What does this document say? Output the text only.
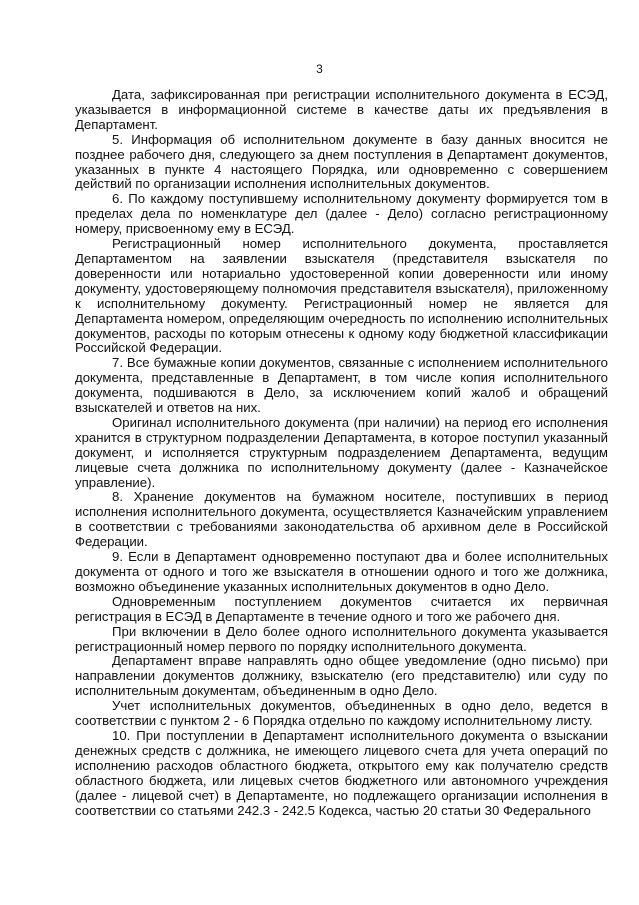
3

Дата, зафиксированная при регистрации исполнительного документа в ЕСЭД, указывается в информационной системе в качестве даты их предъявления в Департамент.

5. Информация об исполнительном документе в базу данных вносится не позднее рабочего дня, следующего за днем поступления в Департамент документов, указанных в пункте 4 настоящего Порядка, или одновременно с совершением действий по организации исполнения исполнительных документов.

6. По каждому поступившему исполнительному документу формируется том в пределах дела по номенклатуре дел (далее - Дело) согласно регистрационному номеру, присвоенному ему в ЕСЭД.

Регистрационный номер исполнительного документа, проставляется Департаментом на заявлении взыскателя (представителя взыскателя по доверенности или нотариально удостоверенной копии доверенности или иному документу, удостоверяющему полномочия представителя взыскателя), приложенному к исполнительному документу. Регистрационный номер не является для Департамента номером, определяющим очередность по исполнению исполнительных документов, расходы по которым отнесены к одному коду бюджетной классификации Российской Федерации.

7. Все бумажные копии документов, связанные с исполнением исполнительного документа, представленные в Департамент, в том числе копия исполнительного документа, подшиваются в Дело, за исключением копий жалоб и обращений взыскателей и ответов на них.

Оригинал исполнительного документа (при наличии) на период его исполнения хранится в структурном подразделении Департамента, в которое поступил указанный документ, и исполняется структурным подразделением Департамента, ведущим лицевые счета должника по исполнительному документу (далее - Казначейское управление).

8. Хранение документов на бумажном носителе, поступивших в период исполнения исполнительного документа, осуществляется Казначейским управлением в соответствии с требованиями законодательства об архивном деле в Российской Федерации.

9. Если в Департамент одновременно поступают два и более исполнительных документа от одного и того же взыскателя в отношении одного и того же должника, возможно объединение указанных исполнительных документов в одно Дело.

Одновременным поступлением документов считается их первичная регистрация в ЕСЭД в Департаменте в течение одного и того же рабочего дня.

При включении в Дело более одного исполнительного документа указывается регистрационный номер первого по порядку исполнительного документа.

Департамент вправе направлять одно общее уведомление (одно письмо) при направлении документов должнику, взыскателю (его представителю) или суду по исполнительным документам, объединенным в одно Дело.

Учет исполнительных документов, объединенных в одно дело, ведется в соответствии с пунктом 2 - 6 Порядка отдельно по каждому исполнительному листу.

10. При поступлении в Департамент исполнительного документа о взыскании денежных средств с должника, не имеющего лицевого счета для учета операций по исполнению расходов областного бюджета, открытого ему как получателю средств областного бюджета, или лицевых счетов бюджетного или автономного учреждения (далее - лицевой счет) в Департаменте, но подлежащего организации исполнения в соответствии со статьями 242.3 - 242.5 Кодекса, частью 20 статьи 30 Федерального
